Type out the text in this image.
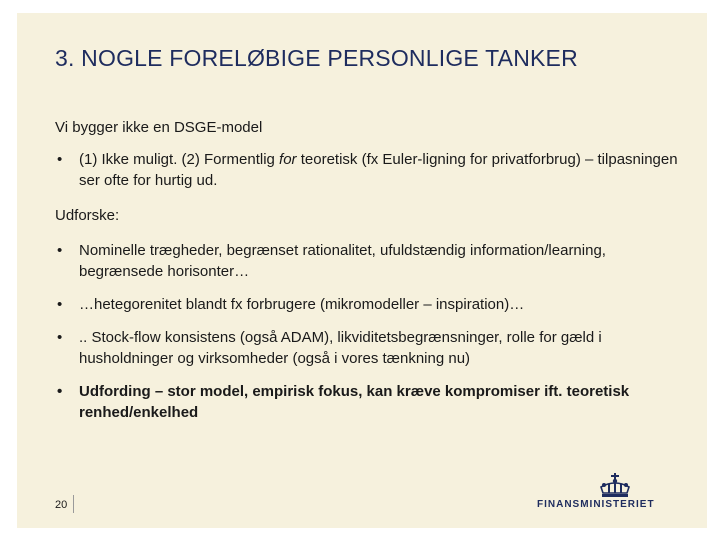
3. NOGLE FORELØBIGE PERSONLIGE TANKER
Vi bygger ikke en DSGE-model
• (1) Ikke muligt. (2) Formentlig for teoretisk (fx Euler-ligning for privatforbrug) – tilpasningen ser ofte for hurtig ud.
Udforske:
• Nominelle trægheder, begrænset rationalitet, ufuldstændig information/learning, begrænsede horisonter…
• …hetegorenitet blandt fx forbrugere (mikromodeller – inspiration)…
• .. Stock-flow konsistens (også ADAM), likviditetsbegrænsninger, rolle for gæld i husholdninger og virksomheder (også i vores tænkning nu)
• Udfording – stor model, empirisk fokus, kan kræve kompromiser ift. teoretisk renhed/enkelhed
20	FINANSMINISTERIET
